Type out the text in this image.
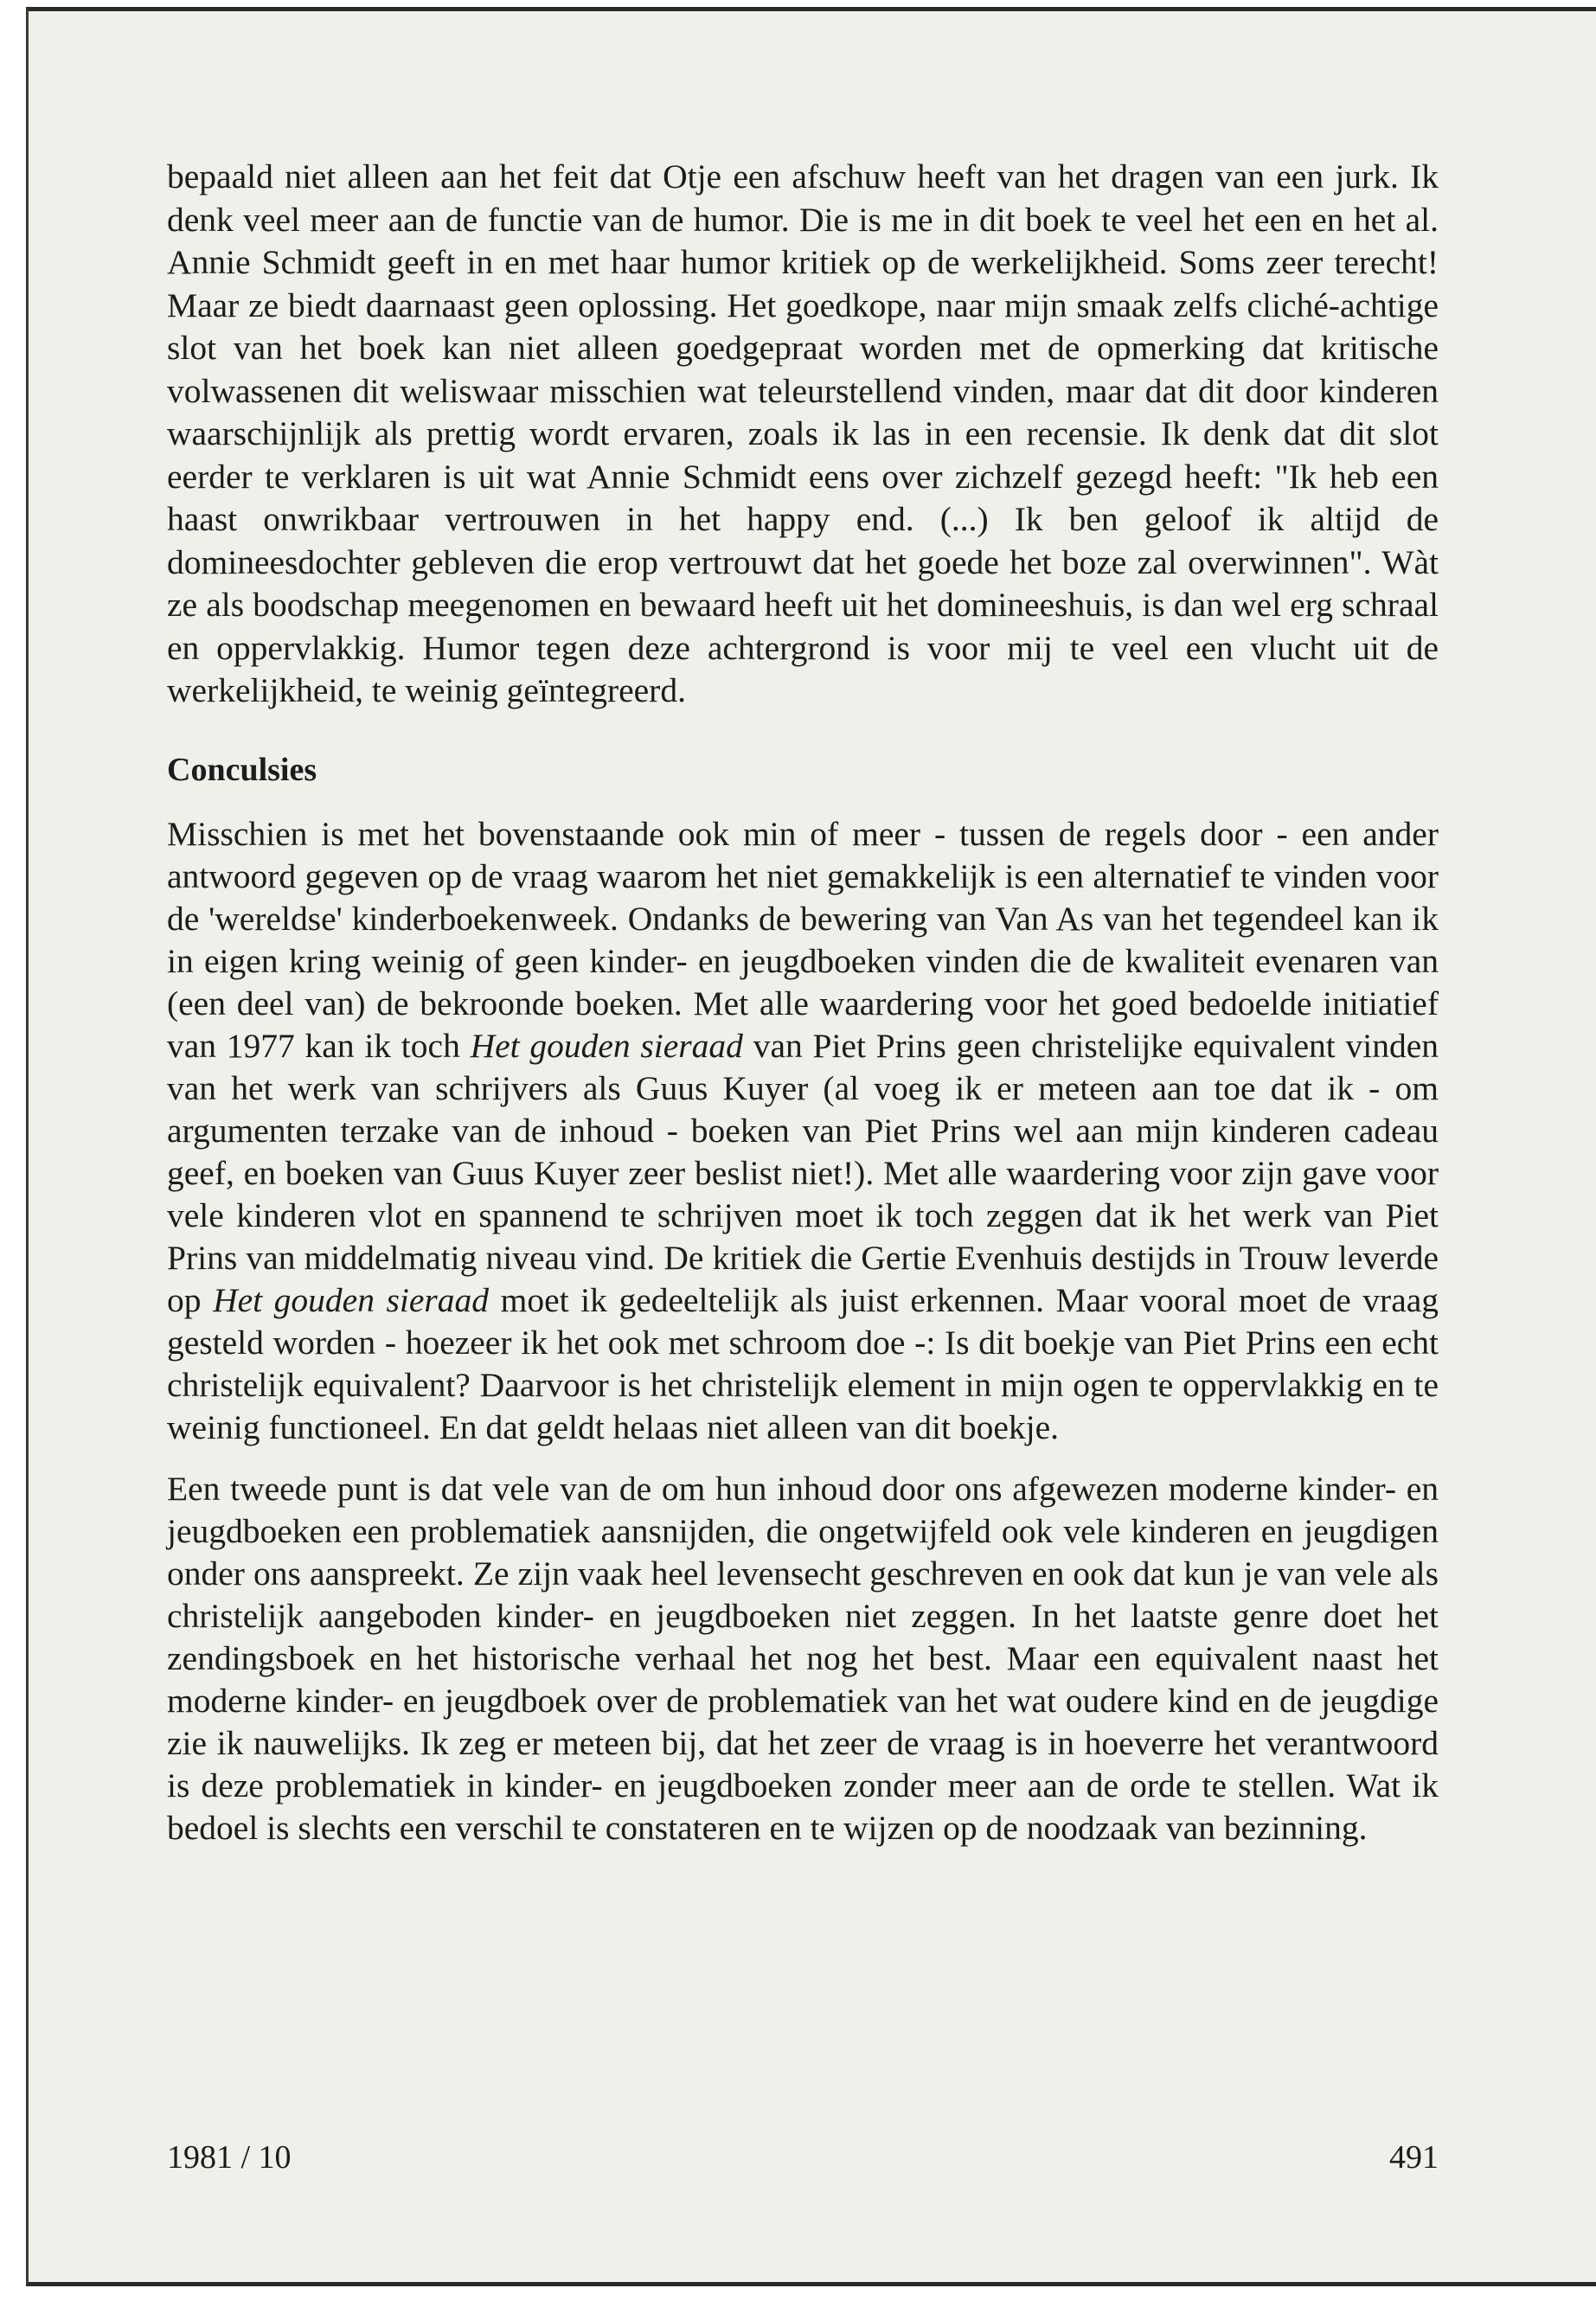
bepaald niet alleen aan het feit dat Otje een afschuw heeft van het dragen van een jurk. Ik denk veel meer aan de functie van de humor. Die is me in dit boek te veel het een en het al. Annie Schmidt geeft in en met haar humor kritiek op de werkelijkheid. Soms zeer terecht! Maar ze biedt daarnaast geen oplossing. Het goedkope, naar mijn smaak zelfs cliché-achtige slot van het boek kan niet alleen goedgepraat worden met de opmerking dat kritische volwassenen dit weliswaar misschien wat teleurstellend vinden, maar dat dit door kinderen waarschijnlijk als prettig wordt ervaren, zoals ik las in een recensie. Ik denk dat dit slot eerder te verklaren is uit wat Annie Schmidt eens over zichzelf gezegd heeft: "Ik heb een haast onwrikbaar vertrouwen in het happy end. (...) Ik ben geloof ik altijd de domineesdochter gebleven die erop vertrouwt dat het goede het boze zal overwinnen". Wàt ze als boodschap meegenomen en bewaard heeft uit het domineeshuis, is dan wel erg schraal en oppervlakkig. Humor tegen deze achtergrond is voor mij te veel een vlucht uit de werkelijkheid, te weinig geïntegreerd.

Conculsies

Misschien is met het bovenstaande ook min of meer - tussen de regels door - een ander antwoord gegeven op de vraag waarom het niet gemakkelijk is een alternatief te vinden voor de 'wereldse' kinderboekenweek. Ondanks de bewering van Van As van het tegendeel kan ik in eigen kring weinig of geen kinder- en jeugdboeken vinden die de kwaliteit evenaren van (een deel van) de bekroonde boeken. Met alle waardering voor het goed bedoelde initiatief van 1977 kan ik toch Het gouden sieraad van Piet Prins geen christelijke equivalent vinden van het werk van schrijvers als Guus Kuyer (al voeg ik er meteen aan toe dat ik - om argumenten terzake van de inhoud - boeken van Piet Prins wel aan mijn kinderen cadeau geef, en boeken van Guus Kuyer zeer beslist niet!). Met alle waardering voor zijn gave voor vele kinderen vlot en spannend te schrijven moet ik toch zeggen dat ik het werk van Piet Prins van middelmatig niveau vind. De kritiek die Gertie Evenhuis destijds in Trouw leverde op Het gouden sieraad moet ik gedeeltelijk als juist erkennen. Maar vooral moet de vraag gesteld worden - hoezeer ik het ook met schroom doe -: Is dit boekje van Piet Prins een echt christelijk equivalent? Daarvoor is het christelijk element in mijn ogen te oppervlakkig en te weinig functioneel. En dat geldt helaas niet alleen van dit boekje.

Een tweede punt is dat vele van de om hun inhoud door ons afgewezen moderne kinder- en jeugdboeken een problematiek aansnijden, die ongetwijfeld ook vele kinderen en jeugdigen onder ons aanspreekt. Ze zijn vaak heel levensecht geschreven en ook dat kun je van vele als christelijk aangeboden kinder- en jeugdboeken niet zeggen. In het laatste genre doet het zendingsboek en het historische verhaal het nog het best. Maar een equivalent naast het moderne kinder- en jeugdboek over de problematiek van het wat oudere kind en de jeugdige zie ik nauwelijks. Ik zeg er meteen bij, dat het zeer de vraag is in hoeverre het verantwoord is deze problematiek in kinder- en jeugdboeken zonder meer aan de orde te stellen. Wat ik bedoel is slechts een verschil te constateren en te wijzen op de noodzaak van bezinning.

1981 / 10	491
